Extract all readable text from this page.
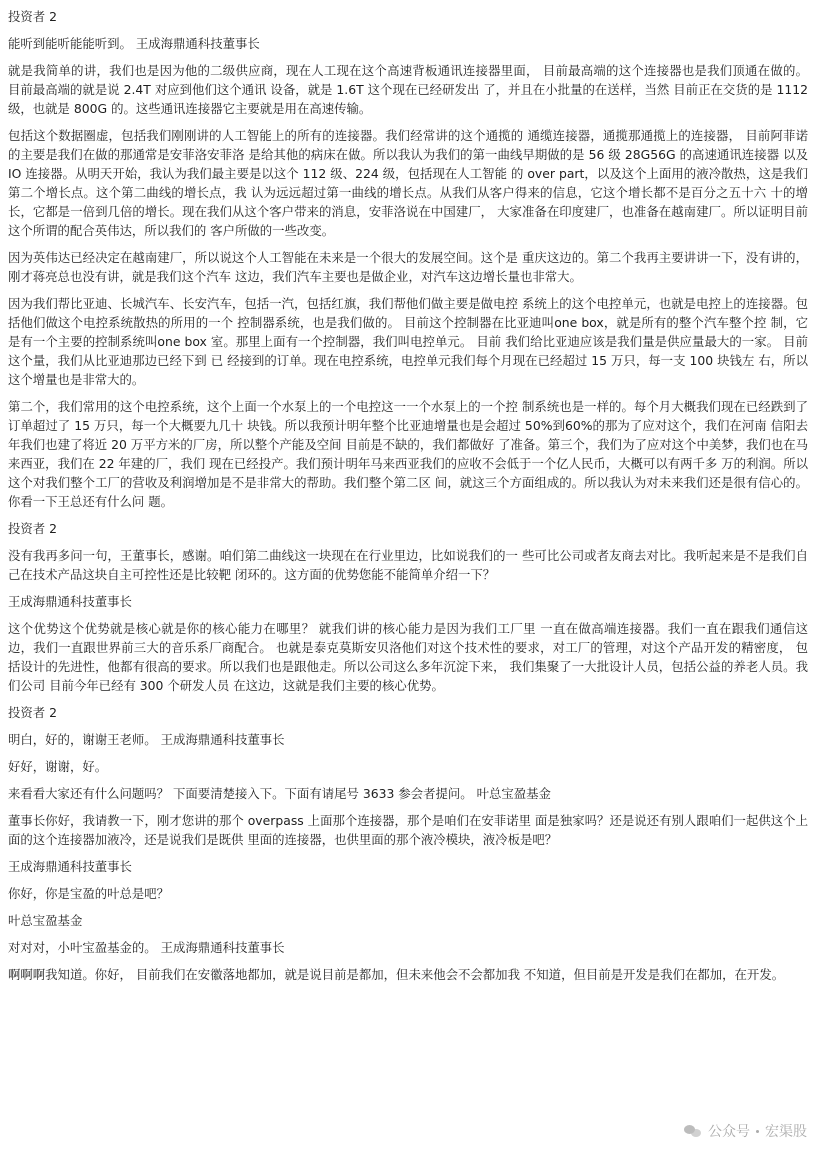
投资者 2

能听到能听能能听到。 王成海鼎通科技董事长

就是我简单的讲，我们也是因为他的二级供应商，现在人工现在这个高速背板通讯连接器里面， 目前最高端的这个连接器也是我们顶通在做的。 目前最高端的就是说 2.4T 对应到他们这个通讯 设备，就是 1.6T 这个现在已经研发出 了，并且在小批量的在送样，当然 目前正在交货的是 1112 级，也就是 800G 的。这些通讯连接器它主要就是用在高速传输。

包括这个数据圈虚，包括我们刚刚讲的人工智能上的所有的连接器。我们经常讲的这个通揽的 通缆连接器，通揽那通揽上的连接器， 目前阿菲诺的主要是我们在做的那通常是安菲洛安菲洛 是给其他的病床在做。所以我认为我们的第一曲线早期做的是 56 级 28G56G 的高速通讯连接器 以及 IO 连接器。从明天开始，我认为我们最主要是以这个 112 级、224 级，包括现在人工智能 的 over part，以及这个上面用的液冷散热，这是我们第二个增长点。这个第二曲线的增长点，我 认为远远超过第一曲线的增长点。从我们从客户得来的信息，它这个增长都不是百分之五十六 十的增长，它都是一倍到几倍的增长。现在我们从这个客户带来的消息，安菲洛说在中国建厂， 大家准备在印度建厂，也准备在越南建厂。所以证明目前这个所谓的配合英伟达，所以我们的 客户所做的一些改变。

因为英伟达已经决定在越南建厂，所以说这个人工智能在未来是一个很大的发展空间。这个是 重庆这边的。第二个我再主要讲讲一下，没有讲的，刚才蒋亮总也没有讲，就是我们这个汽车 这边，我们汽车主要也是做企业，对汽车这边增长量也非常大。

因为我们帮比亚迪、长城汽车、长安汽车，包括一汽，包括红旗，我们帮他们做主要是做电控 系统上的这个电控单元，也就是电控上的连接器。包括他们做这个电控系统散热的所用的一个 控制器系统，也是我们做的。 目前这个控制器在比亚迪叫one box，就是所有的整个汽车整个控 制，它是有一个主要的控制系统叫one box 室。那里上面有一个控制器，我们叫电控单元。 目前 我们给比亚迪应该是我们量是供应量最大的一家。 目前这个量，我们从比亚迪那边已经下到 已 经接到的订单。现在电控系统，电控单元我们每个月现在已经超过 15 万只，每一支 100 块钱左 右，所以这个增量也是非常大的。

第二个，我们常用的这个电控系统，这个上面一个水泵上的一个电控这一一个水泵上的一个控 制系统也是一样的。每个月大概我们现在已经跌到了订单超过了 15 万只，每一个大概要九几十 块钱。所以我预计明年整个比亚迪增量也是会超过 50%到60%的那为了应对这个，我们在河南 信阳去年我们也建了将近 20 万平方米的厂房，所以整个产能及空间 目前是不缺的，我们都做好 了准备。第三个，我们为了应对这个中美梦，我们也在马来西亚，我们在 22 年建的厂，我们 现在已经投产。我们预计明年马来西亚我们的应收不会低于一个亿人民币，大概可以有两千多 万的利润。所以这个对我们整个工厂的营收及利润增加是不是非常大的帮助。我们整个第二区 间，就这三个方面组成的。所以我认为对未来我们还是很有信心的。你看一下王总还有什么问 题。

投资者 2

没有我再多问一句，王董事长，感谢。咱们第二曲线这一块现在在行业里边，比如说我们的一 些可比公司或者友商去对比。我听起来是不是我们自 己在技术产品这块自主可控性还是比较靶 闭环的。这方面的优势您能不能简单介绍一下？

王成海鼎通科技董事长

这个优势这个优势就是核心就是你的核心能力在哪里？ 就我们讲的核心能力是因为我们工厂里 一直在做高端连接器。我们一直在跟我们通信这边，我们一直跟世界前三大的音乐系厂商配合。 也就是泰克莫斯安贝洛他们对这个技术性的要求，对工厂的管理，对这个产品开发的精密度， 包括设计的先进性，他都有很高的要求。所以我们也是跟他走。所以公司这么多年沉淀下来， 我们集聚了一大批设计人员，包括公益的养老人员。我们公司 目前今年已经有 300 个研发人员 在这边，这就是我们主要的核心优势。

投资者 2

明白，好的，谢谢王老师。 王成海鼎通科技董事长

好好，谢谢，好。

来看看大家还有什么问题吗？ 下面要清楚接入下。下面有请尾号 3633 参会者提问。 叶总宝盈基金

董事长你好，我请教一下，刚才您讲的那个 overpass 上面那个连接器，那个是咱们在安菲诺里 面是独家吗？还是说还有别人跟咱们一起供这个上面的这个连接器加液冷，还是说我们是既供 里面的连接器，也供里面的那个液冷模块，液冷板是吧？

王成海鼎通科技董事长

你好，你是宝盈的叶总是吧？

叶总宝盈基金

对对对，小叶宝盈基金的。 王成海鼎通科技董事长

啊啊啊我知道。你好， 目前我们在安徽落地都加，就是说目前是都加，但未来他会不会都加我 不知道，但目前是开发是我们在都加，在开发。

公众号 宏渠股
